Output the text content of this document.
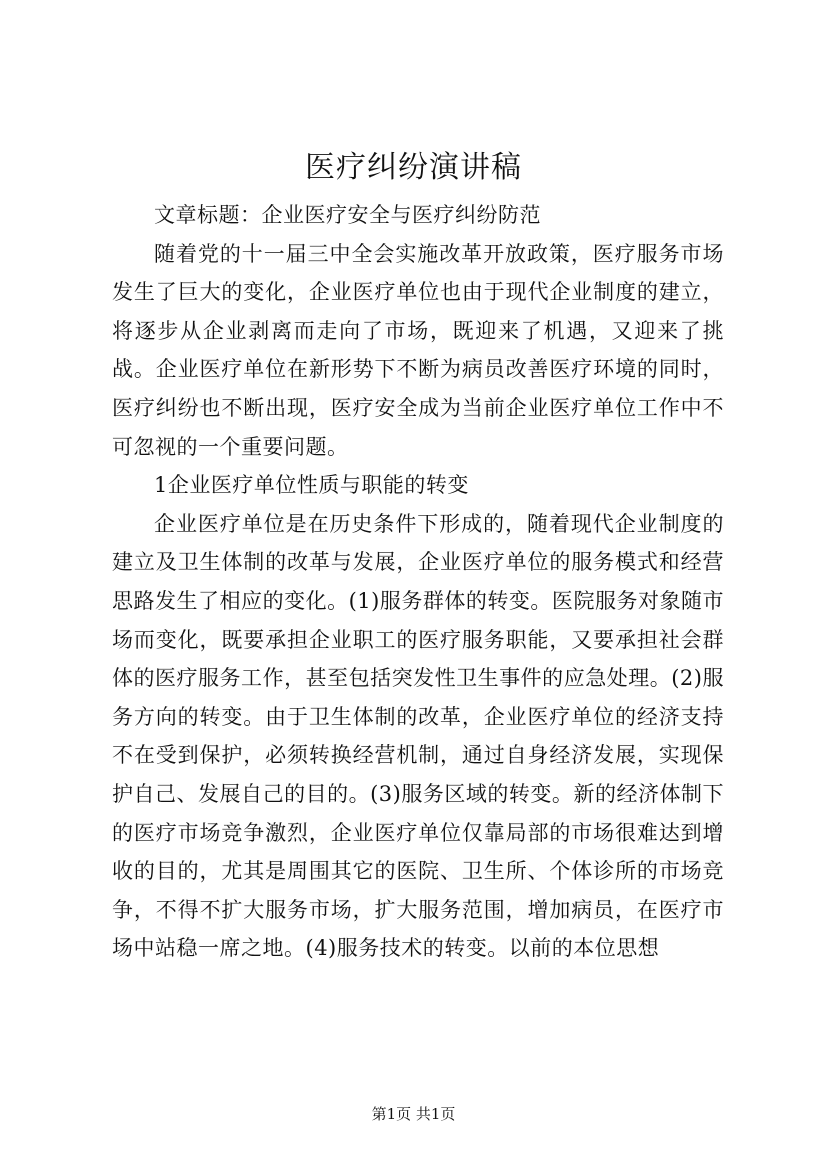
医疗纠纷演讲稿

文章标题：企业医疗安全与医疗纠纷防范

随着党的十一届三中全会实施改革开放政策，医疗服务市场发生了巨大的变化，企业医疗单位也由于现代企业制度的建立，将逐步从企业剥离而走向了市场，既迎来了机遇，又迎来了挑战。企业医疗单位在新形势下不断为病员改善医疗环境的同时，医疗纠纷也不断出现，医疗安全成为当前企业医疗单位工作中不可忽视的一个重要问题。

1企业医疗单位性质与职能的转变

企业医疗单位是在历史条件下形成的，随着现代企业制度的建立及卫生体制的改革与发展，企业医疗单位的服务模式和经营思路发生了相应的变化。(1)服务群体的转变。医院服务对象随市场而变化，既要承担企业职工的医疗服务职能，又要承担社会群体的医疗服务工作，甚至包括突发性卫生事件的应急处理。(2)服务方向的转变。由于卫生体制的改革，企业医疗单位的经济支持不在受到保护，必须转换经营机制，通过自身经济发展，实现保护自己、发展自己的目的。(3)服务区域的转变。新的经济体制下的医疗市场竞争激烈，企业医疗单位仅靠局部的市场很难达到增收的目的，尤其是周围其它的医院、卫生所、个体诊所的市场竞争，不得不扩大服务市场，扩大服务范围，增加病员，在医疗市场中站稳一席之地。(4)服务技术的转变。以前的本位思想

第1页 共1页
